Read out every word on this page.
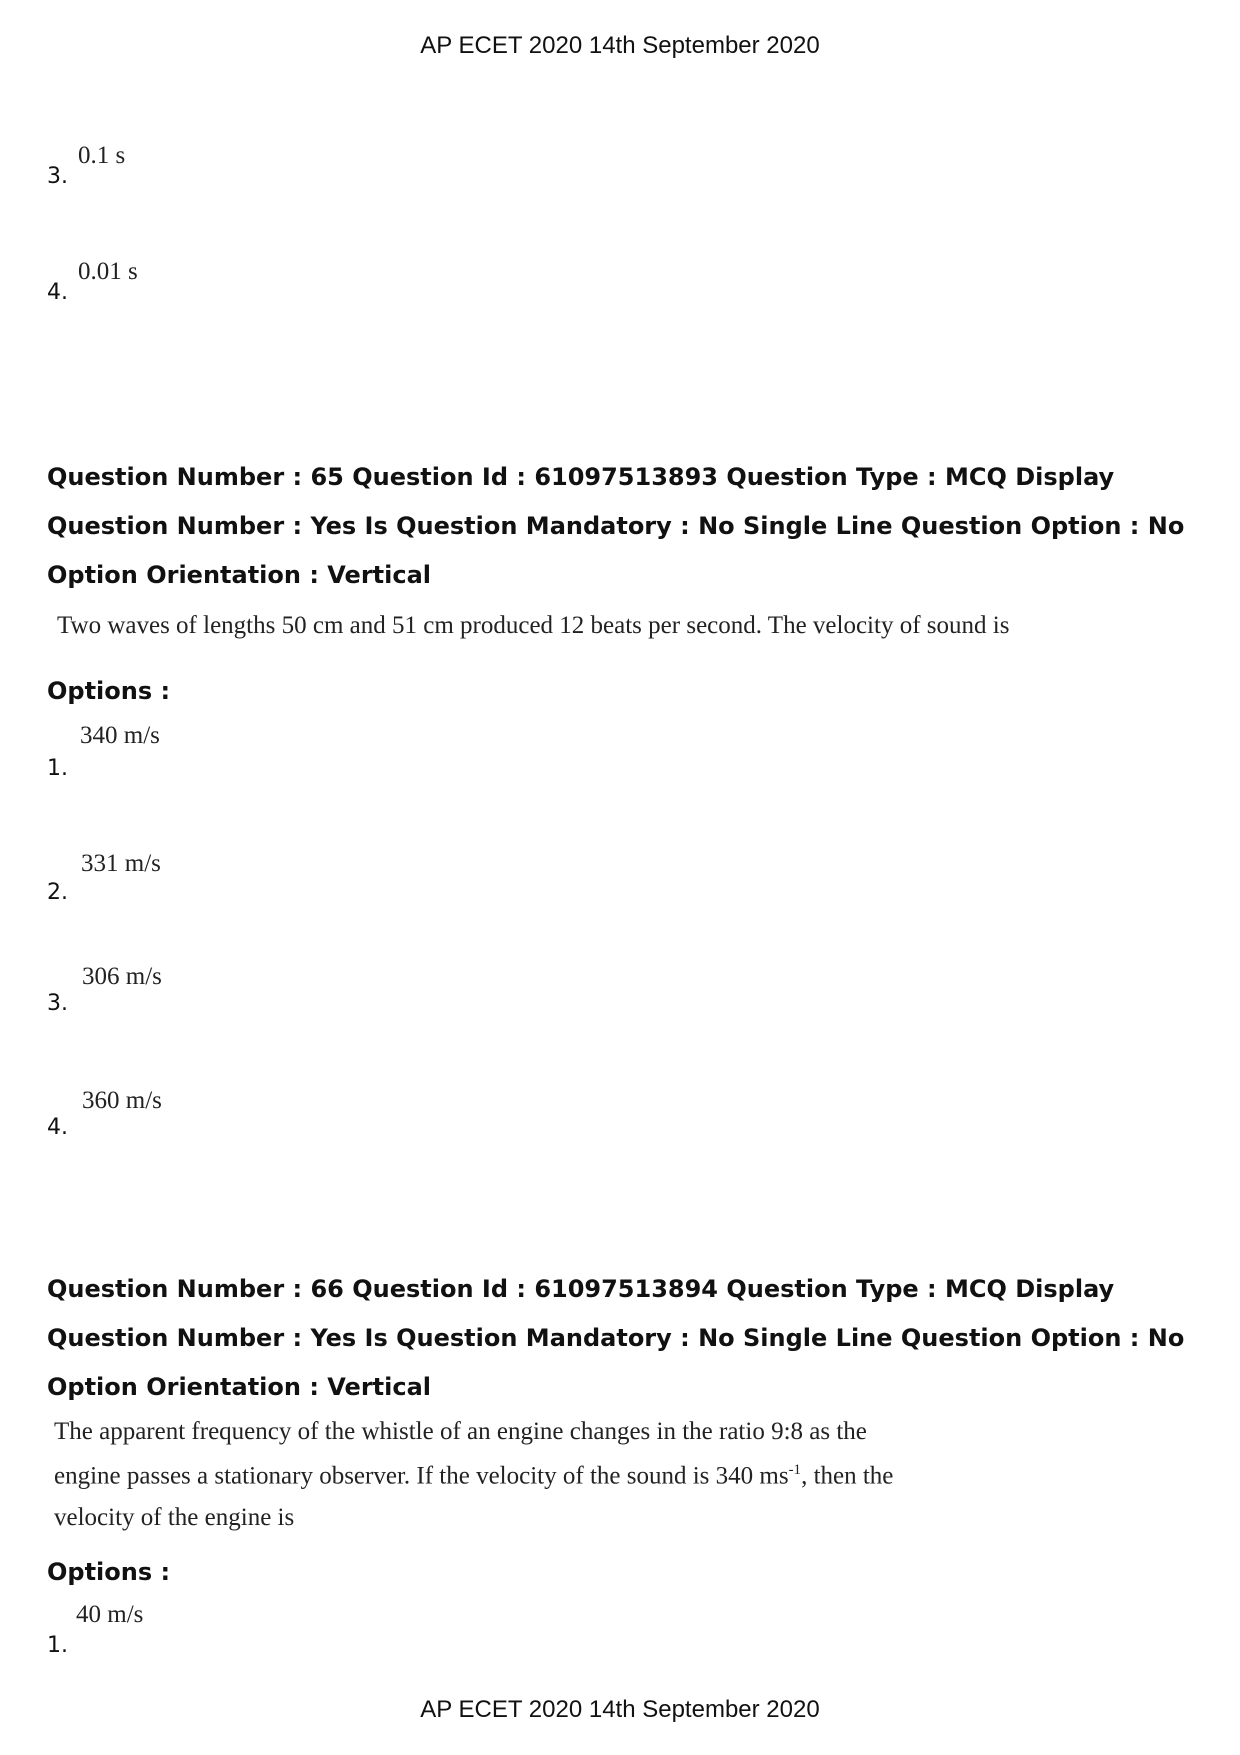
AP ECET 2020 14th September 2020
3.
0.1 s
4.
0.01 s
Question Number : 65 Question Id : 61097513893 Question Type : MCQ Display Question Number : Yes Is Question Mandatory : No Single Line Question Option : No Option Orientation : Vertical
Two waves of lengths 50 cm and 51 cm produced 12 beats per second. The velocity of sound is
Options :
1.
340 m/s
2.
331 m/s
3.
306 m/s
4.
360 m/s
Question Number : 66 Question Id : 61097513894 Question Type : MCQ Display Question Number : Yes Is Question Mandatory : No Single Line Question Option : No Option Orientation : Vertical
The apparent frequency of the whistle of an engine changes in the ratio 9:8 as the
engine passes a stationary observer. If the velocity of the sound is 340 $ms^{-1}$, then the
velocity of the engine is
Options :
1.
40 m/s
AP ECET 2020 14th September 2020
